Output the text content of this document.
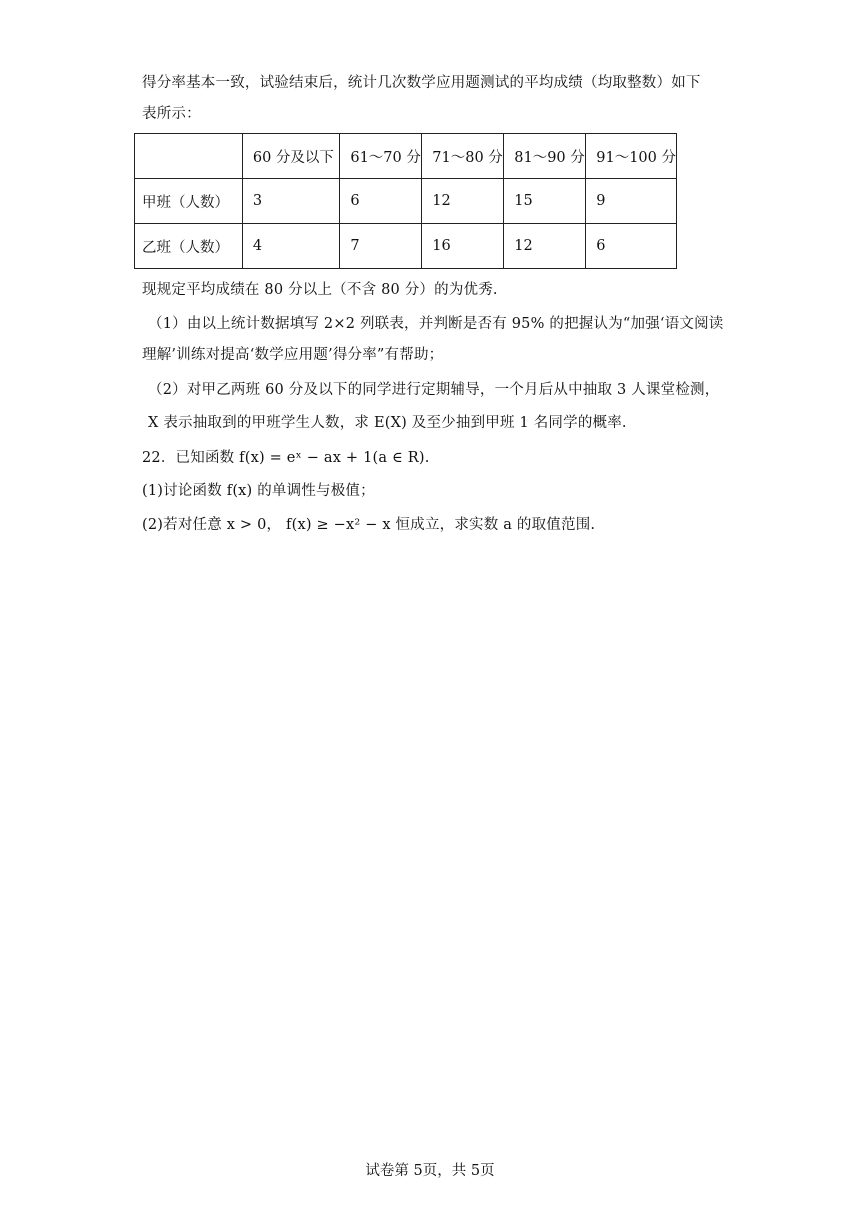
得分率基本一致，试验结束后，统计几次数学应用题测试的平均成绩（均取整数）如下
表所示：
	60 分及以下	61～70 分	71～80 分	81～90 分	91～100 分
甲班（人数）	3	6	12	15	9
乙班（人数）	4	7	16	12	6
现规定平均成绩在 80 分以上（不含 80 分）的为优秀.
（1）由以上统计数据填写 2×2 列联表，并判断是否有 95% 的把握认为“加强‘语文阅读
理解’训练对提高‘数学应用题’得分率”有帮助；
（2）对甲乙两班 60 分及以下的同学进行定期辅导，一个月后从中抽取 3 人课堂检测，
X 表示抽取到的甲班学生人数，求 E(X) 及至少抽到甲班 1 名同学的概率.
22．已知函数 f(x) = eˣ − ax + 1(a ∈ R).
(1)讨论函数 f(x) 的单调性与极值；
(2)若对任意 x > 0， f(x) ≥ −x² − x 恒成立，求实数 a 的取值范围.
试卷第 5页，共 5页
